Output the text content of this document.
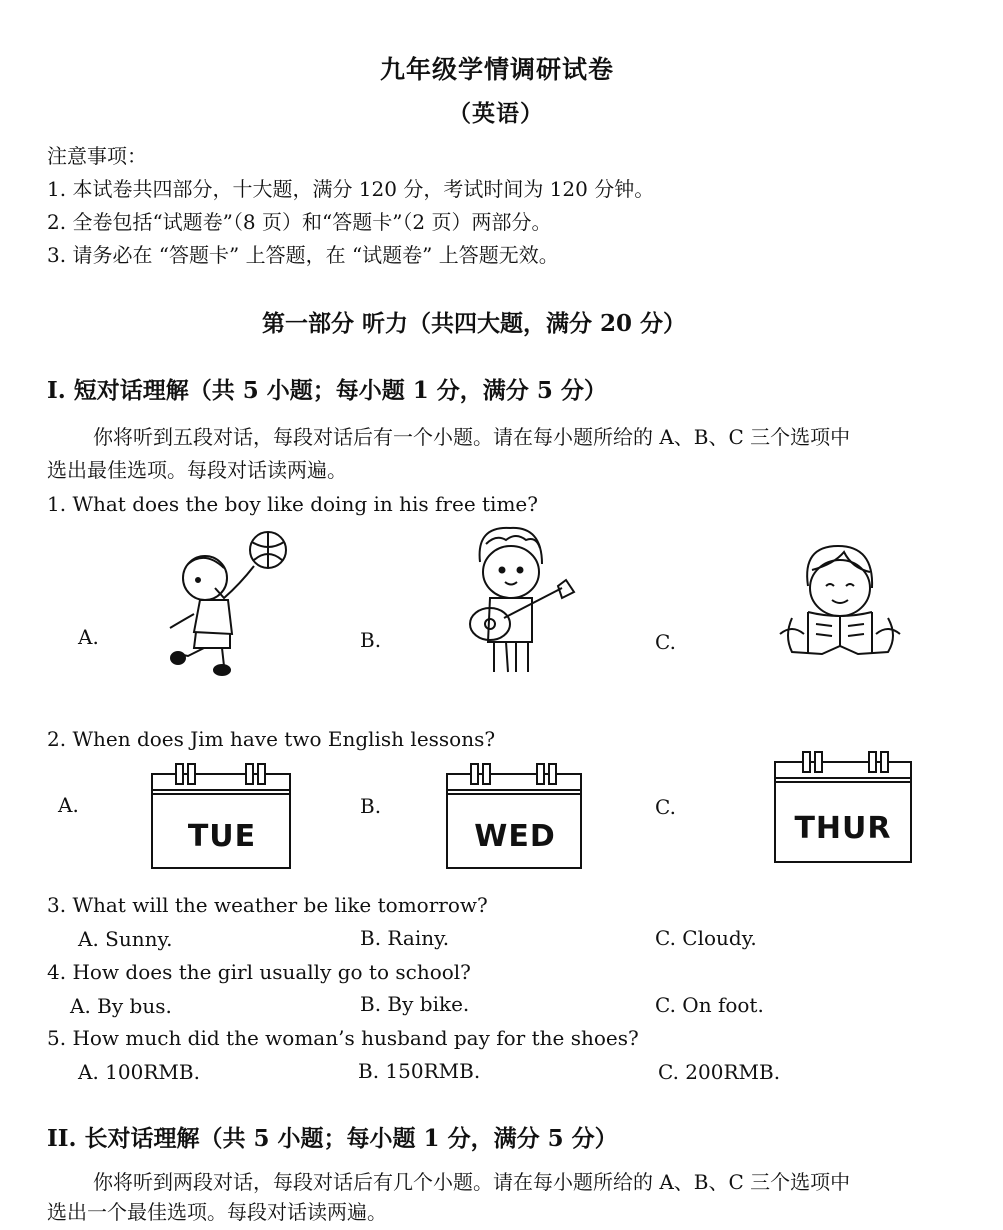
九年级学情调研试卷
（英语）
注意事项：
1. 本试卷共四部分，十大题，满分 120 分，考试时间为 120 分钟。
2. 全卷包括“试题卷”（8 页）和“答题卡”（2 页）两部分。
3. 请务必在 “答题卡” 上答题，在 “试题卷” 上答题无效。
第一部分 听力（共四大题，满分 20 分）
I. 短对话理解（共 5 小题；每小题 1 分，满分 5 分）
你将听到五段对话，每段对话后有一个小题。请在每小题所给的 A、B、C 三个选项中
选出最佳选项。每段对话读两遍。
1. What does the boy like doing in his free time?
A.	B.	C.
2. When does Jim have two English lessons?
A.	B.	C.
TUE	WED	THUR
3. What will the weather be like tomorrow?
A. Sunny.	B. Rainy.	C. Cloudy.
4. How does the girl usually go to school?
A. By bus.	B. By bike.	C. On foot.
5. How much did the woman’s husband pay for the shoes?
A. 100RMB.	B. 150RMB.	C. 200RMB.
II. 长对话理解（共 5 小题；每小题 1 分，满分 5 分）
你将听到两段对话，每段对话后有几个小题。请在每小题所给的 A、B、C 三个选项中
选出一个最佳选项。每段对话读两遍。
